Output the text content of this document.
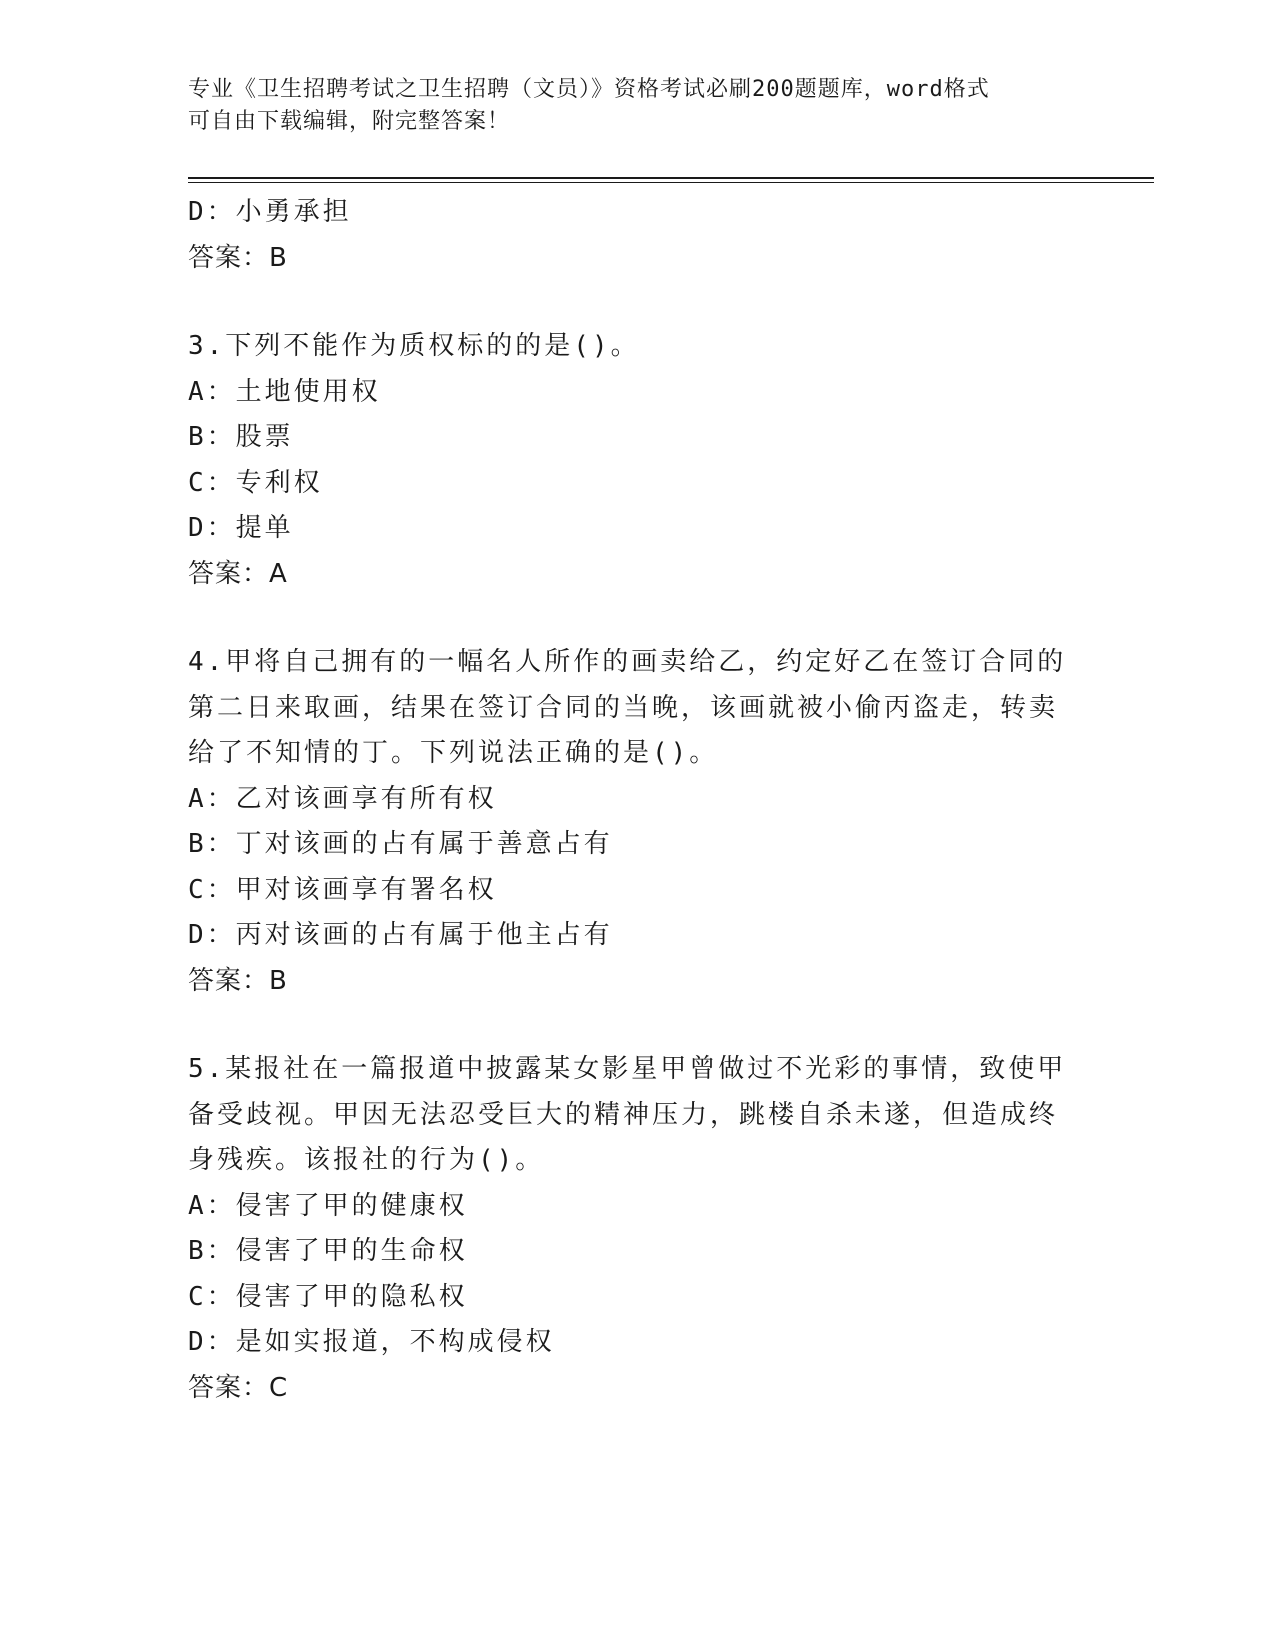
专业《卫生招聘考试之卫生招聘（文员）》资格考试必刷200题题库，word格式
可自由下载编辑，附完整答案！
D：小勇承担
答案：B
3.下列不能作为质权标的的是()。
A：土地使用权
B：股票
C：专利权
D：提单
答案：A
4.甲将自己拥有的一幅名人所作的画卖给乙，约定好乙在签订合同的
第二日来取画，结果在签订合同的当晚，该画就被小偷丙盗走，转卖
给了不知情的丁。下列说法正确的是()。
A：乙对该画享有所有权
B：丁对该画的占有属于善意占有
C：甲对该画享有署名权
D：丙对该画的占有属于他主占有
答案：B
5.某报社在一篇报道中披露某女影星甲曾做过不光彩的事情，致使甲
备受歧视。甲因无法忍受巨大的精神压力，跳楼自杀未遂，但造成终
身残疾。该报社的行为()。
A：侵害了甲的健康权
B：侵害了甲的生命权
C：侵害了甲的隐私权
D：是如实报道，不构成侵权
答案：C
